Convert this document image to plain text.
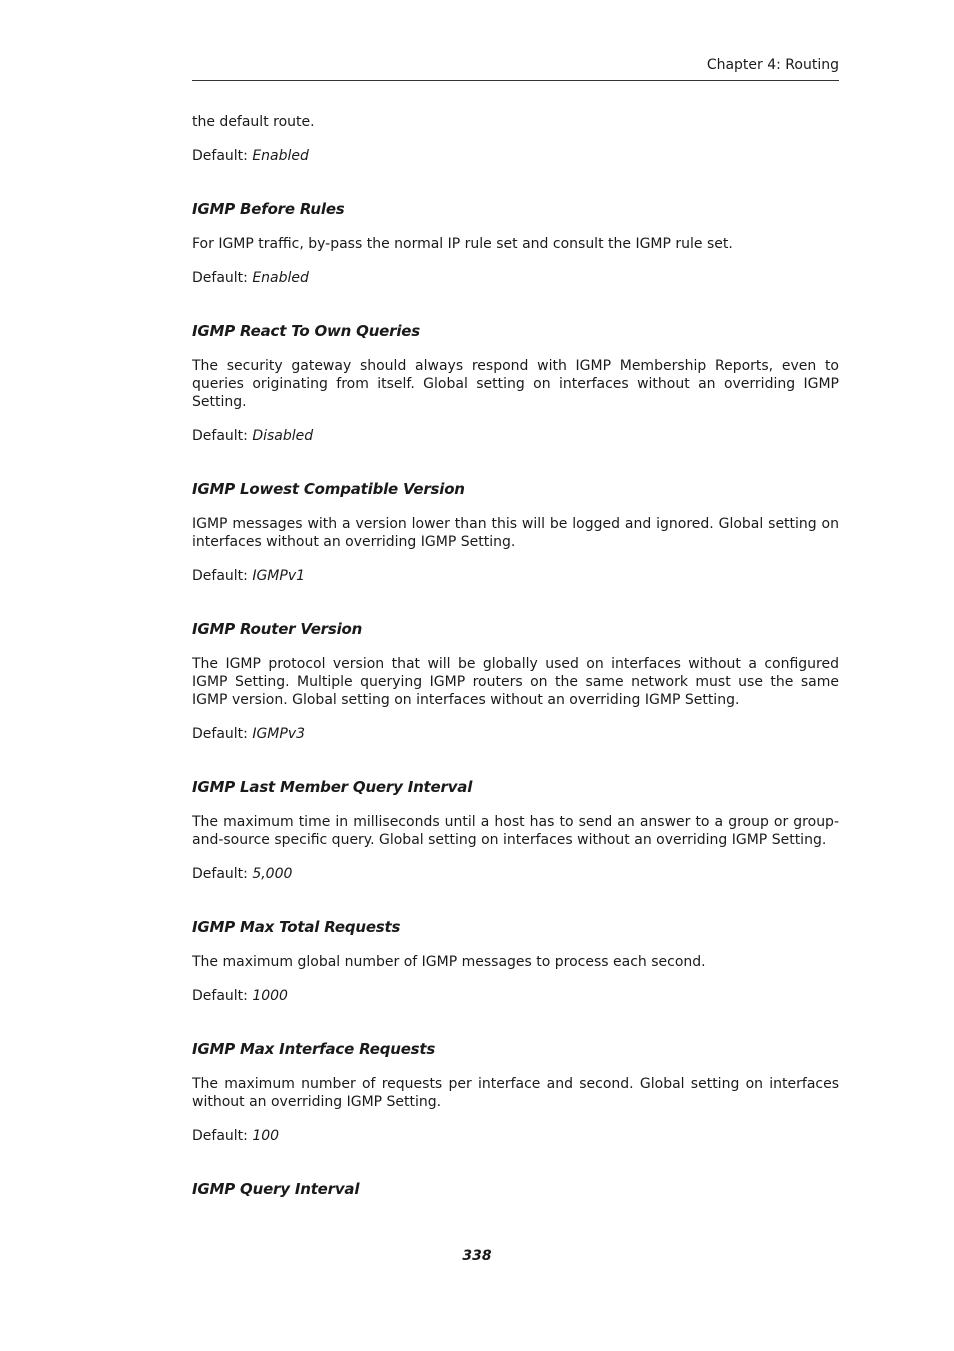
Chapter 4: Routing

the default route.

Default: Enabled

IGMP Before Rules

For IGMP traffic, by-pass the normal IP rule set and consult the IGMP rule set.

Default: Enabled

IGMP React To Own Queries

The security gateway should always respond with IGMP Membership Reports, even to queries originating from itself. Global setting on interfaces without an overriding IGMP Setting.

Default: Disabled

IGMP Lowest Compatible Version

IGMP messages with a version lower than this will be logged and ignored. Global setting on interfaces without an overriding IGMP Setting.

Default: IGMPv1

IGMP Router Version

The IGMP protocol version that will be globally used on interfaces without a configured IGMP Setting. Multiple querying IGMP routers on the same network must use the same IGMP version. Global setting on interfaces without an overriding IGMP Setting.

Default: IGMPv3

IGMP Last Member Query Interval

The maximum time in milliseconds until a host has to send an answer to a group or group-and-source specific query. Global setting on interfaces without an overriding IGMP Setting.

Default: 5,000

IGMP Max Total Requests

The maximum global number of IGMP messages to process each second.

Default: 1000

IGMP Max Interface Requests

The maximum number of requests per interface and second. Global setting on interfaces without an overriding IGMP Setting.

Default: 100

IGMP Query Interval
338
